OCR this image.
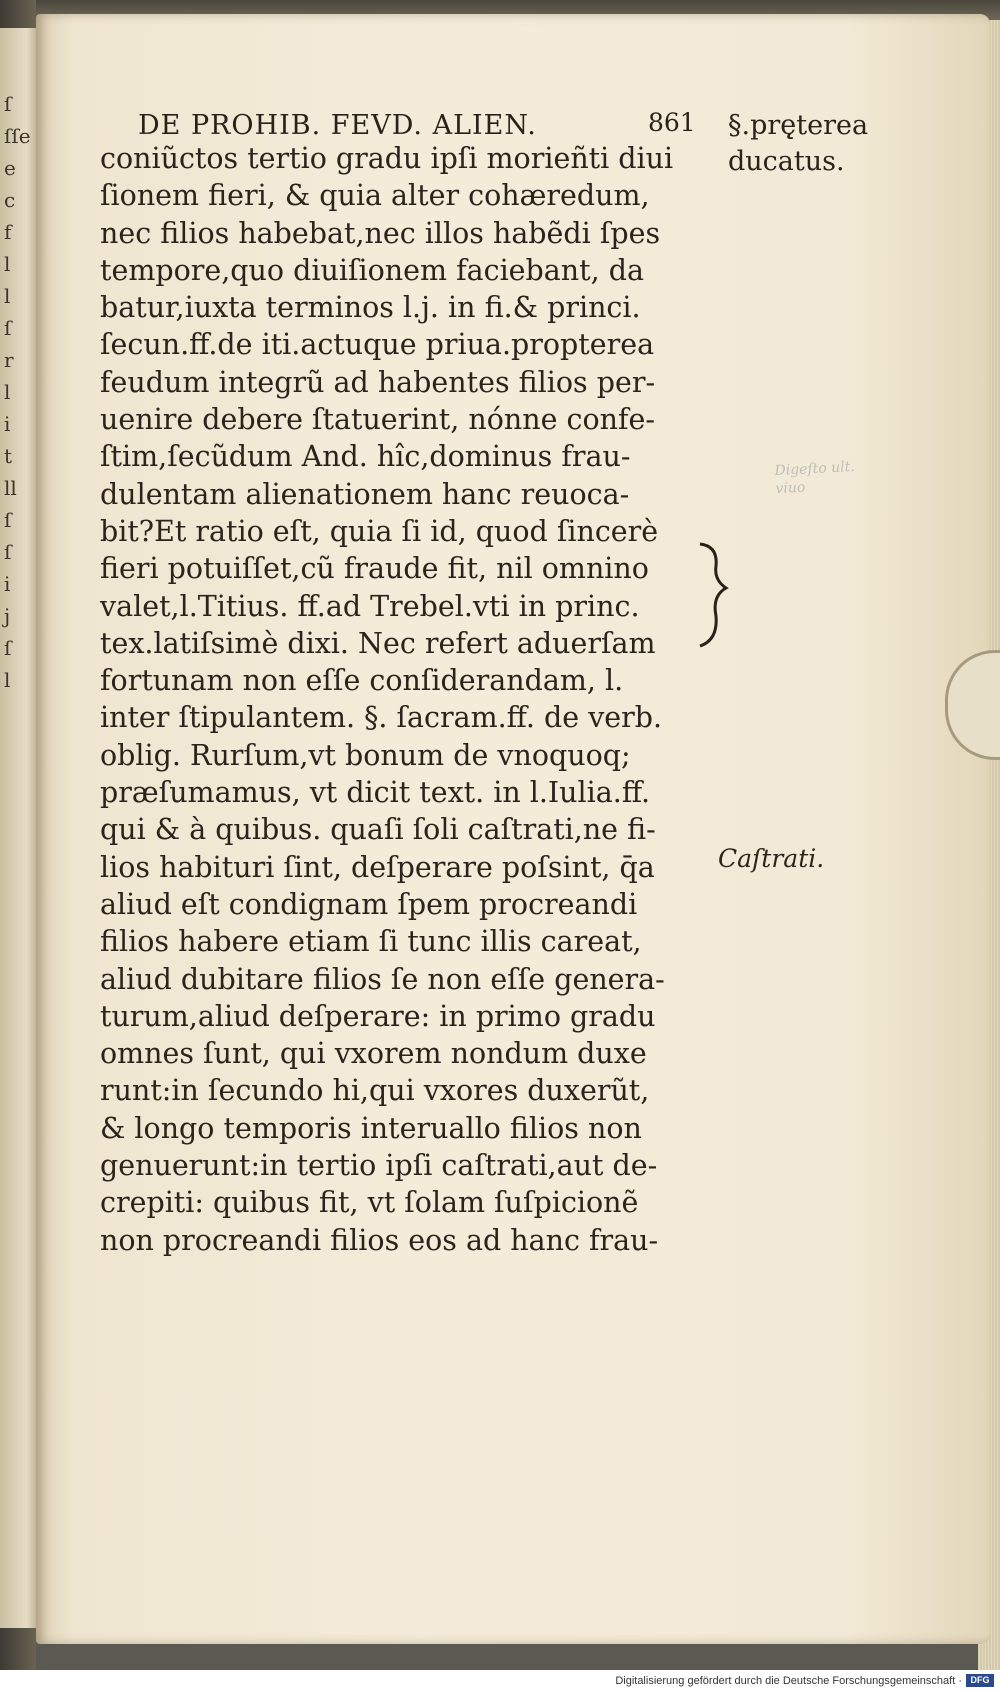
ſ
ſſe
e
c
f
l
l
ſ
r
l
i
t
ll
ſ
ſ
i
j
ſ
l
DE PROHIB. FEVD. ALIEN.	861
coniũctos tertio gradu ipſi morieñti diui
ſionem fieri, & quia alter cohæredum,
nec filios habebat,nec illos habẽdi ſpes
tempore,quo diuiſionem faciebant, da
batur,iuxta terminos l.j. in fi.& princi.
ſecun.ff.de iti.actuque priua.propterea
feudum integrũ ad habentes filios per-
uenire debere ſtatuerint, nónne confe-
ſtim,ſecũdum And. hîc,dominus frau-
dulentam alienationem hanc reuoca-
bit?Et ratio eſt, quia ſi id, quod ſincerè
fieri potuiſſet,cũ fraude fit, nil omnino
valet,l.Titius. ff.ad Trebel.vti in princ.
tex.latiſsimè dixi. Nec refert aduerſam
fortunam non eſſe conſiderandam, l.
inter ſtipulantem. §. ſacram.ff. de verb.
oblig. Rurſum,vt bonum de vnoquoq;
præſumamus, vt dicit text. in l.Iulia.ff.
qui & à quibus. quaſi ſoli caſtrati,ne fi-
lios habituri ſint, deſperare poſsint, q̄a
aliud eſt condignam ſpem procreandi
filios habere etiam ſi tunc illis careat,
aliud dubitare filios ſe non eſſe genera-
turum,aliud deſperare: in primo gradu
omnes ſunt, qui vxorem nondum duxe
runt:in ſecundo hi,qui vxores duxerũt,
& longo temporis interuallo filios non
genuerunt:in tertio ipſi caſtrati,aut de-
crepiti: quibus fit, vt ſolam ſuſpicionẽ
non procreandi filios eos ad hanc frau-
§.prę̨terea
ducatus.
Digeſto ult.
viuo
Caſtrati.
Digitalisierung gefördert durch die Deutsche Forschungsgemeinschaft · DFG
